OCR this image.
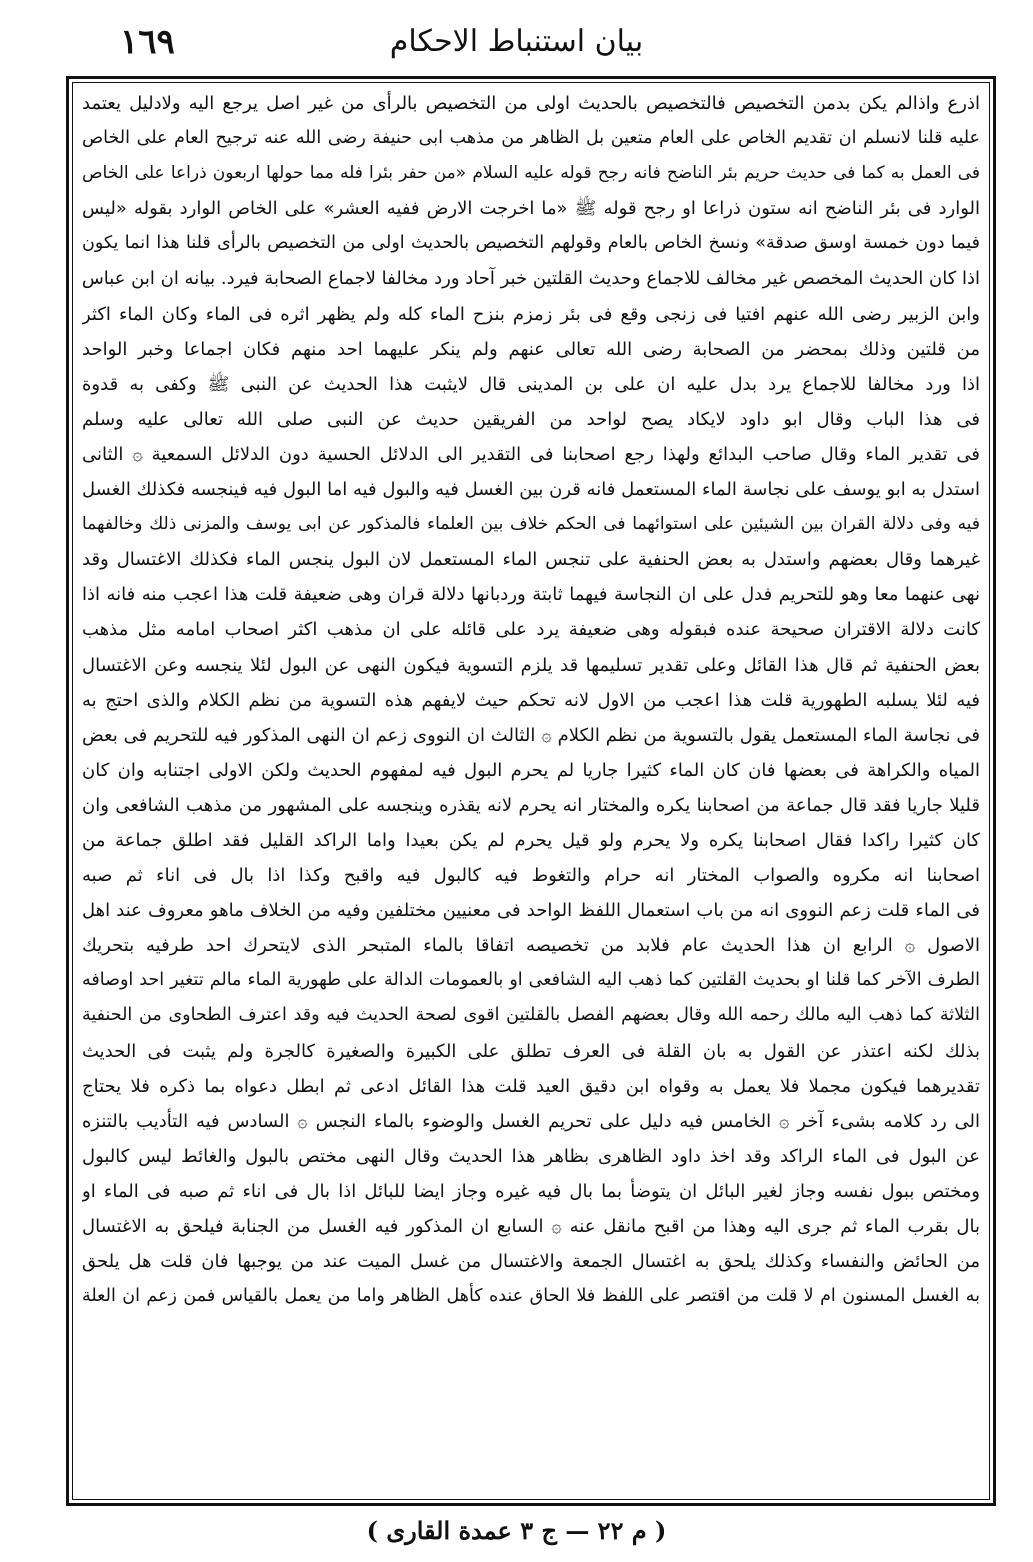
١٦٩	بيان استنباط الاحكام
اذرع واذالم يكن بدمن التخصيص فالتخصيص بالحديث اولى من التخصيص بالرأى من غير اصل يرجع اليه ولادليل يعتمد
عليه قلنا لانسلم ان تقديم الخاص على العام متعين بل الظاهر من مذهب ابى حنيفة رضى الله عنه ترجيح العام على الخاص
فى العمل به كما فى حديث حريم بئر الناضح فانه رجح قوله عليه السلام «من حفر بئرا فله مما حولها اربعون ذراعا على الخاص
الوارد فى بئر الناضح انه ستون ذراعا او رجح قوله ﷺ «ما اخرجت الارض ففيه العشر» على الخاص الوارد بقوله «ليس
فيما دون خمسة اوسق صدقة» ونسخ الخاص بالعام وقولهم التخصيص بالحديث اولى من التخصيص بالرأى قلنا هذا انما يكون
اذا كان الحديث المخصص غير مخالف للاجماع وحديث القلتين خبر آحاد ورد مخالفا لاجماع الصحابة فيرد. بيانه ان ابن عباس
وابن الزبير رضى الله عنهم افتيا فى زنجى وقع فى بئر زمزم بنزح الماء كله ولم يظهر اثره فى الماء وكان الماء اكثر
من قلتين وذلك بمحضر من الصحابة رضى الله تعالى عنهم ولم ينكر عليهما احد منهم فكان اجماعا وخبر الواحد
اذا ورد مخالفا للاجماع يرد بدل عليه ان على بن المدينى قال لايثبت هذا الحديث عن النبى ﷺ وكفى به قدوة
فى هذا الباب وقال ابو داود لايكاد يصح لواحد من الفريقين حديث عن النبى صلى الله تعالى عليه وسلم
فى تقدير الماء وقال صاحب البدائع ولهذا رجع اصحابنا فى التقدير الى الدلائل الحسية دون الدلائل السمعية ۞ الثانى
استدل به ابو يوسف على نجاسة الماء المستعمل فانه قرن بين الغسل فيه والبول فيه اما البول فيه فينجسه فكذلك الغسل
فيه وفى دلالة القران بين الشيئين على استوائهما فى الحكم خلاف بين العلماء فالمذكور عن ابى يوسف والمزنى ذلك وخالفهما
غيرهما وقال بعضهم واستدل به بعض الحنفية على تنجس الماء المستعمل لان البول ينجس الماء فكذلك الاغتسال وقد
نهى عنهما معا وهو للتحريم فدل على ان النجاسة فيهما ثابتة وردبانها دلالة قران وهى ضعيفة قلت هذا اعجب منه فانه اذا
كانت دلالة الاقتران صحيحة عنده فبقوله وهى ضعيفة يرد على قائله على ان مذهب اكثر اصحاب امامه مثل مذهب
بعض الحنفية ثم قال هذا القائل وعلى تقدير تسليمها قد يلزم التسوية فيكون النهى عن البول لئلا ينجسه وعن الاغتسال
فيه لئلا يسلبه الطهورية قلت هذا اعجب من الاول لانه تحكم حيث لايفهم هذه التسوية من نظم الكلام والذى احتج به
فى نجاسة الماء المستعمل يقول بالتسوية من نظم الكلام ۞ الثالث ان النووى زعم ان النهى المذكور فيه للتحريم فى بعض
المياه والكراهة فى بعضها فان كان الماء كثيرا جاريا لم يحرم البول فيه لمفهوم الحديث ولكن الاولى اجتنابه وان كان
قليلا جاريا فقد قال جماعة من اصحابنا يكره والمختار انه يحرم لانه يقذره وينجسه على المشهور من مذهب الشافعى وان
كان كثيرا راكدا فقال اصحابنا يكره ولا يحرم ولو قيل يحرم لم يكن بعيدا واما الراكد القليل فقد اطلق جماعة من
اصحابنا انه مكروه والصواب المختار انه حرام والتغوط فيه كالبول فيه واقبح وكذا اذا بال فى اناء ثم صبه
فى الماء قلت زعم النووى انه من باب استعمال اللفظ الواحد فى معنيين مختلفين وفيه من الخلاف ماهو معروف عند اهل
الاصول ۞ الرابع ان هذا الحديث عام فلابد من تخصيصه اتفاقا بالماء المتبحر الذى لايتحرك احد طرفيه بتحريك
الطرف الآخر كما قلنا او بحديث القلتين كما ذهب اليه الشافعى او بالعمومات الدالة على طهورية الماء مالم تتغير احد اوصافه
الثلاثة كما ذهب اليه مالك رحمه الله وقال بعضهم الفصل بالقلتين اقوى لصحة الحديث فيه وقد اعترف الطحاوى من الحنفية
بذلك لكنه اعتذر عن القول به بان القلة فى العرف تطلق على الكبيرة والصغيرة كالجرة ولم يثبت فى الحديث
تقديرهما فيكون مجملا فلا يعمل به وقواه ابن دقيق العيد قلت هذا القائل ادعى ثم ابطل دعواه بما ذكره فلا يحتاج
الى رد كلامه بشىء آخر ۞ الخامس فيه دليل على تحريم الغسل والوضوء بالماء النجس ۞ السادس فيه التأديب بالتنزه
عن البول فى الماء الراكد وقد اخذ داود الظاهرى بظاهر هذا الحديث وقال النهى مختص بالبول والغائط ليس كالبول
ومختص ببول نفسه وجاز لغير البائل ان يتوضأ بما بال فيه غيره وجاز ايضا للبائل اذا بال فى اناء ثم صبه فى الماء او
بال بقرب الماء ثم جرى اليه وهذا من اقبح مانقل عنه ۞ السابع ان المذكور فيه الغسل من الجنابة فيلحق به الاغتسال
من الحائض والنفساء وكذلك يلحق به اغتسال الجمعة والاغتسال من غسل الميت عند من يوجبها فان قلت هل يلحق
به الغسل المسنون ام لا قلت من اقتصر على اللفظ فلا الحاق عنده كأهل الظاهر واما من يعمل بالقياس فمن زعم ان العلة
( م ٢٢ — ج ٣ عمدة القارى )
